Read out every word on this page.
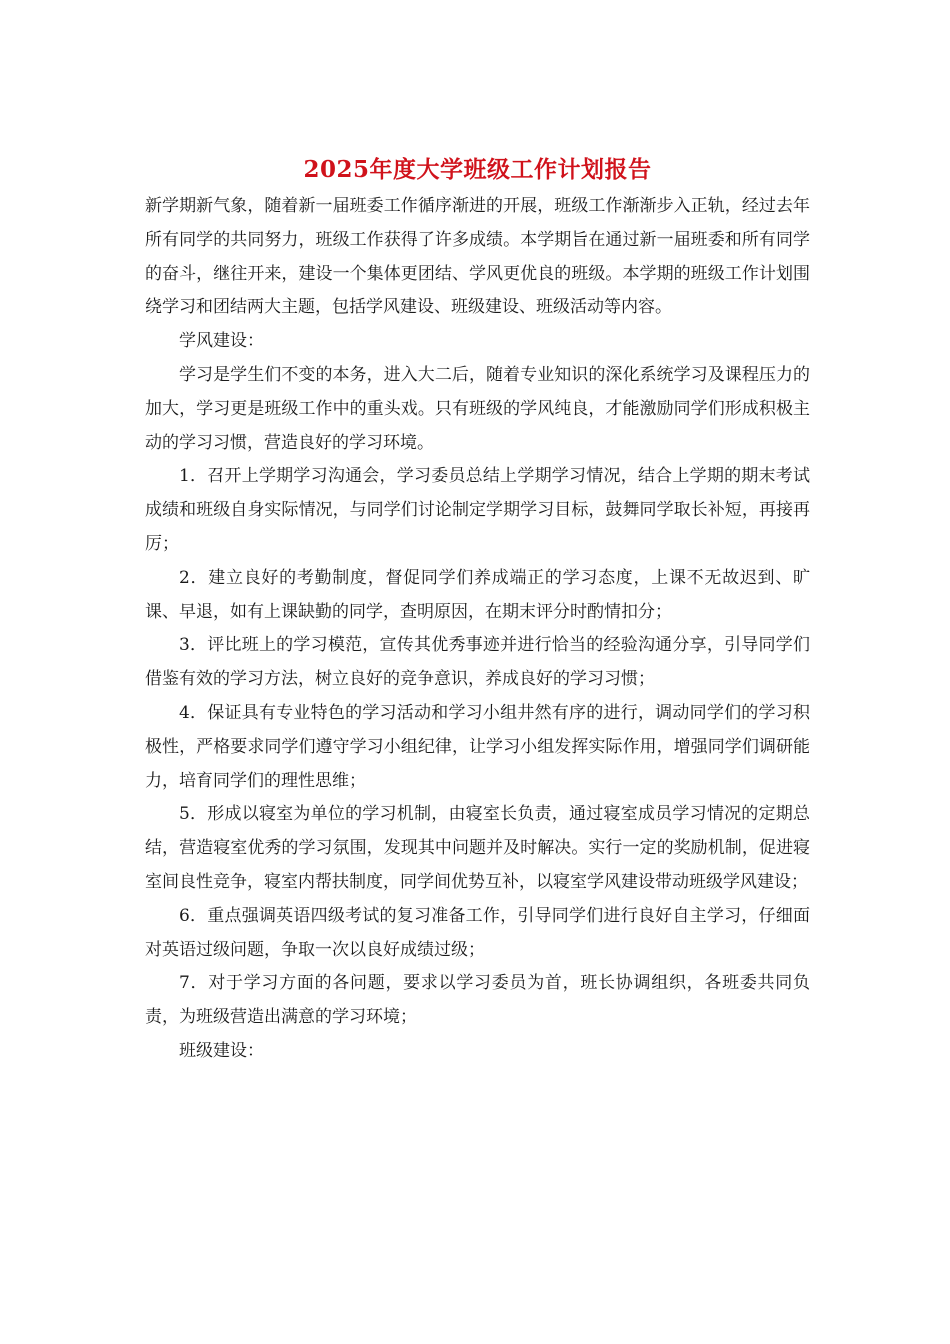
2025年度大学班级工作计划报告

新学期新气象，随着新一届班委工作循序渐进的开展，班级工作渐渐步入正轨，经过去年所有同学的共同努力，班级工作获得了许多成绩。本学期旨在通过新一届班委和所有同学的奋斗，继往开来，建设一个集体更团结、学风更优良的班级。本学期的班级工作计划围绕学习和团结两大主题，包括学风建设、班级建设、班级活动等内容。

学风建设：

学习是学生们不变的本务，进入大二后，随着专业知识的深化系统学习及课程压力的加大，学习更是班级工作中的重头戏。只有班级的学风纯良，才能激励同学们形成积极主动的学习习惯，营造良好的学习环境。

1．召开上学期学习沟通会，学习委员总结上学期学习情况，结合上学期的期末考试成绩和班级自身实际情况，与同学们讨论制定学期学习目标，鼓舞同学取长补短，再接再厉；

2．建立良好的考勤制度，督促同学们养成端正的学习态度，上课不无故迟到、旷课、早退，如有上课缺勤的同学，查明原因，在期末评分时酌情扣分；

3．评比班上的学习模范，宣传其优秀事迹并进行恰当的经验沟通分享，引导同学们借鉴有效的学习方法，树立良好的竞争意识，养成良好的学习习惯；

4．保证具有专业特色的学习活动和学习小组井然有序的进行，调动同学们的学习积极性，严格要求同学们遵守学习小组纪律，让学习小组发挥实际作用，增强同学们调研能力，培育同学们的理性思维；

5．形成以寝室为单位的学习机制，由寝室长负责，通过寝室成员学习情况的定期总结，营造寝室优秀的学习氛围，发现其中问题并及时解决。实行一定的奖励机制，促进寝室间良性竞争，寝室内帮扶制度，同学间优势互补，以寝室学风建设带动班级学风建设；

6．重点强调英语四级考试的复习准备工作，引导同学们进行良好自主学习，仔细面对英语过级问题，争取一次以良好成绩过级；

7．对于学习方面的各问题，要求以学习委员为首，班长协调组织，各班委共同负责，为班级营造出满意的学习环境；

班级建设：
